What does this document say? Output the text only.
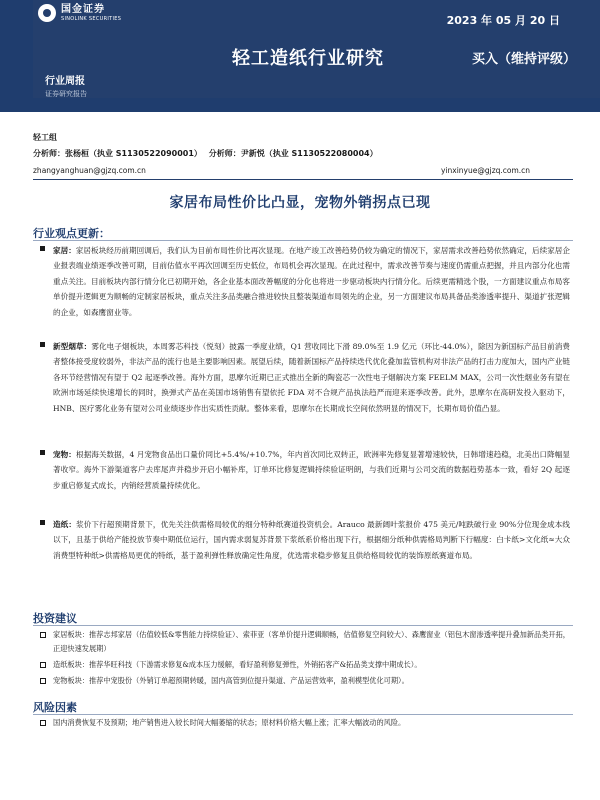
国金证券
SINOLINK SECURITIES	2023 年 05 月 20 日
轻工造纸行业研究	买入（维持评级）
行业周报
证券研究报告
轻工组
分析师：张杨桓（执业 S1130522090001） 分析师：尹新悦（执业 S1130522080004）
zhangyanghuan@gjzq.com.cn	yinxinyue@gjzq.com.cn
家居布局性价比凸显，宠物外销拐点已现
行业观点更新：
家居：家居板块经历前期回调后，我们认为目前布局性价比再次显现。在地产竣工改善趋势仍较为确定的情况下，家居需求改善趋势依然确定，后续家居企业报表端业绩逐季改善可期，目前估值水平再次回调至历史低位，布局机会再次显现。在此过程中，需求改善节奏与速度仍需重点把握，并且内部分化也需重点关注。目前板块内部行情分化已初期开始，各企业基本面改善幅度的分化也将进一步驱动板块内行情分化。后续更需精选个股，一方面建议重点布局客单价提升逻辑更为顺畅的定制家居板块，重点关注多品类融合推进较快且整装渠道布局领先的企业，另一方面建议布局具备品类渗透率提升、渠道扩张逻辑的企业，如森鹰窗业等。
新型烟草：雾化电子烟板块，本周雾芯科技（悦刻）披露一季度业绩，Q1 营收同比下滑 89.0%至 1.9 亿元（环比-44.0%），除因为新国标产品目前消费者整体接受度较弱外，非法产品的流行也是主要影响因素。展望后续，随着新国标产品持续迭代优化叠加监管机构对非法产品的打击力度加大，国内产业链各环节经营情况有望于 Q2 起逐季改善。海外方面，思摩尔近期已正式推出全新的陶瓷芯一次性电子烟解决方案 FEELM MAX，公司一次性烟业务有望在欧洲市场延续快速增长的同时，换弹式产品在美国市场销售有望依托 FDA 对不合规产品执法趋严而迎来逐季改善。此外，思摩尔在高研发投入驱动下，HNB、医疗雾化业务有望对公司业绩逐步作出实质性贡献。整体来看，思摩尔在长期成长空间依然明显的情况下，长期布局价值凸显。
宠物：根据海关数据，4 月宠物食品出口量价同比+5.4%/+10.7%，年内首次同比双转正，欧洲率先修复显著增速较快，日韩增速趋稳，北美出口降幅显著收窄。海外下游渠道客户去库尾声并稳步开启小幅补库，订单环比修复逻辑持续验证明朗，与我们近期与公司交流的数据趋势基本一致，看好 2Q 起逐步重启修复式成长，内销经营质量持续优化。
造纸：浆价下行超预期背景下，优先关注供需格局较优的细分特种纸赛道投资机会。Arauco 最新阔叶浆报价 475 美元/吨跌破行业 90%分位现金成本线以下，且基于供给产能投放节奏中期低位运行，国内需求弱复苏背景下浆纸系价格出现下行，根据细分纸种供需格局判断下行幅度：白卡纸>文化纸≈大众消费型特种纸>供需格局更优的特纸，基于盈利弹性释放确定性角度，优选需求稳步修复且供给格局较优的装饰原纸赛道布局。
投资建议
家居板块：推荐志邦家居（估值较低&零售能力持续验证）、索菲亚（客单价提升逻辑顺畅，估值修复空间较大）、森鹰窗业（铝包木窗渗透率提升叠加新品类开拓，正迎快速发展期）
造纸板块：推荐华旺科技（下游需求修复&成本压力缓解，看好盈利修复弹性，外销拓客产&拓品类支撑中期成长）。
宠物板块：推荐中宠股份（外销订单超预期转暖，国内高管到位提升渠道、产品运营效率，盈利模型优化可期）。
风险因素
国内消费恢复不及预期；地产销售进入较长时间大幅萎缩的状态；原材料价格大幅上涨；汇率大幅波动的风险。
